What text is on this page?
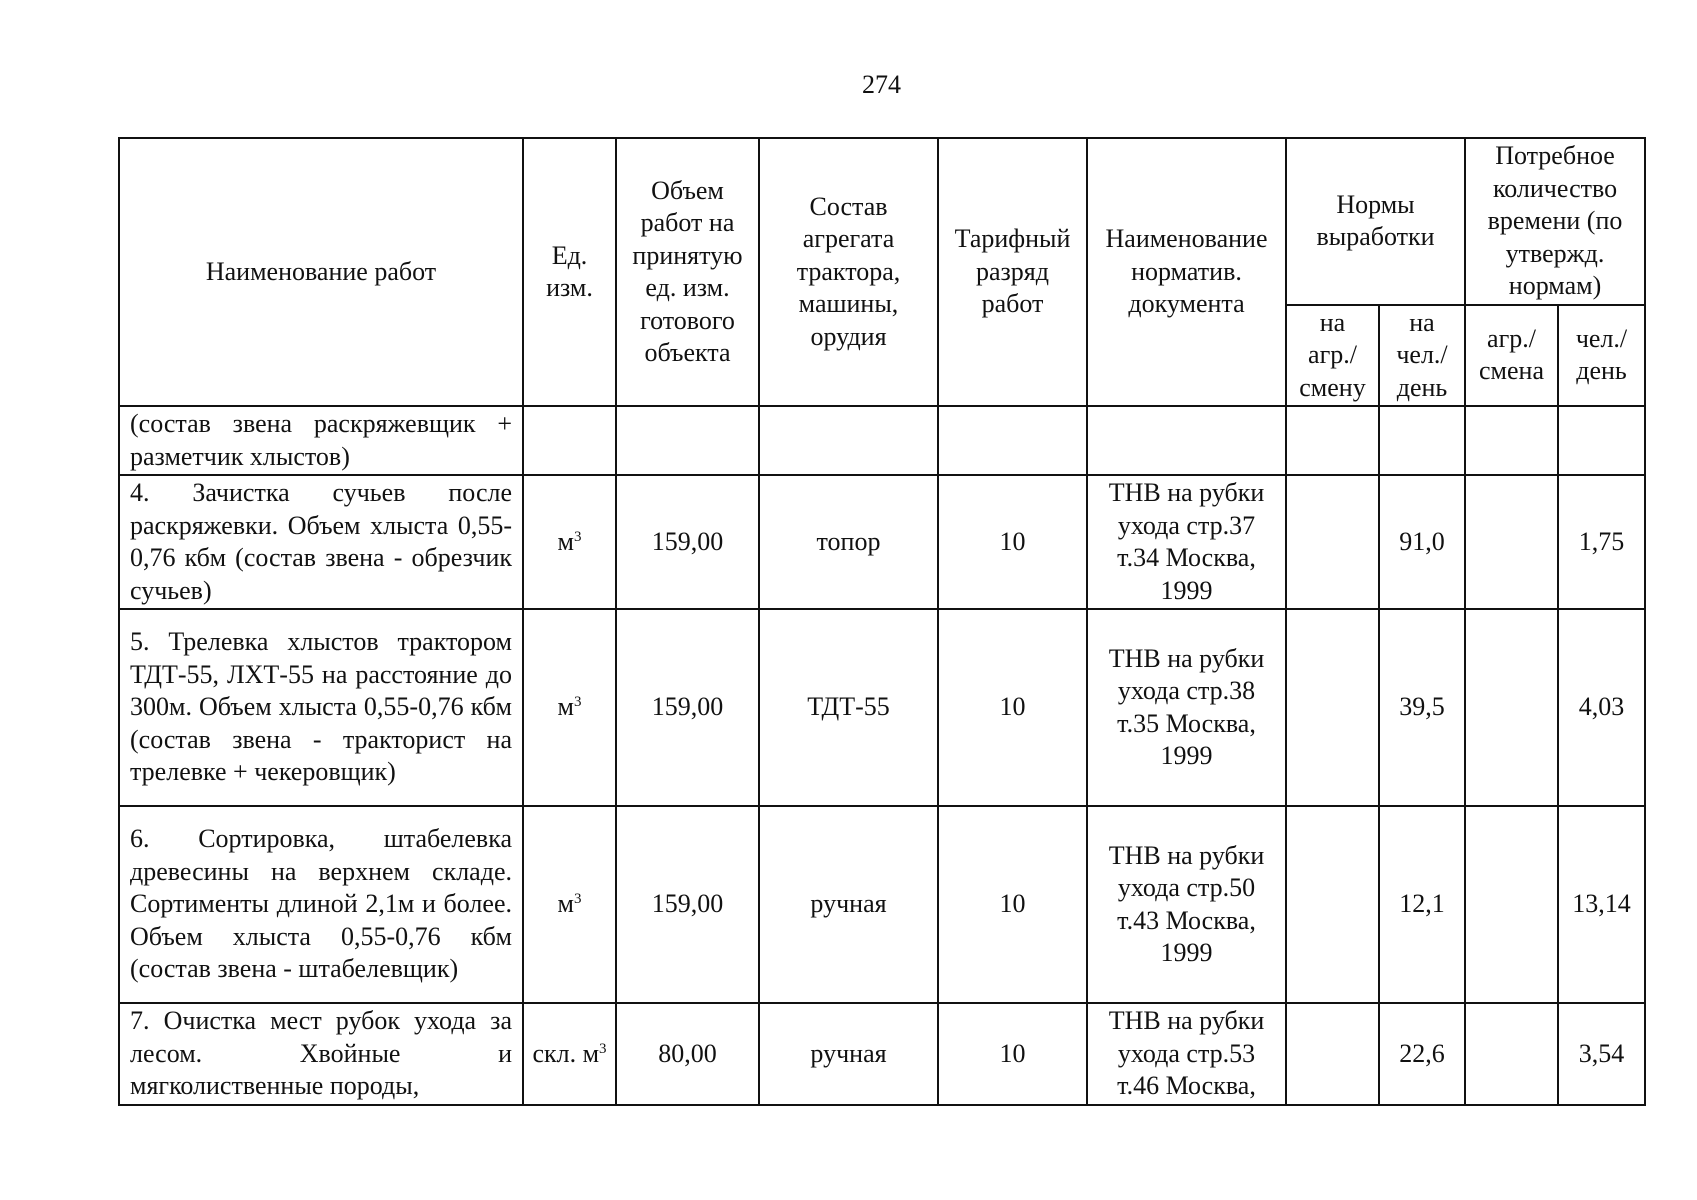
274
Наименование работ	Ед. изм.	Объем работ на принятую ед. изм. готового объекта	Состав агрегата трактора, машины, орудия	Тарифный разряд работ	Наименование норматив. документа	Нормы выработки		Потребное количество времени (по утвержд. нормам)	
						на агр./ смену	на чел./ день	агр./ смена	чел./ день
(состав звена раскряжевщик + разметчик хлыстов)									
4. Зачистка сучьев после раскряжевки. Объем хлыста 0,55-0,76 кбм (состав звена - обрезчик сучьев)	$м^3$	159,00	топор	10	ТНВ на рубки ухода стр.37 т.34 Москва, 1999		91,0		1,75
5. Трелевка хлыстов трактором ТДТ-55, ЛХТ-55 на расстояние до 300м. Объем хлыста 0,55-0,76 кбм (состав звена - тракторист на трелевке + чекеровщик)	$м^3$	159,00	ТДТ-55	10	ТНВ на рубки ухода стр.38 т.35 Москва, 1999		39,5		4,03
6. Сортировка, штабелевка древесины на верхнем складе. Сортименты длиной 2,1м и более. Объем хлыста 0,55-0,76 кбм (состав звена - штабелевщик)	$м^3$	159,00	ручная	10	ТНВ на рубки ухода стр.50 т.43 Москва, 1999		12,1		13,14
7. Очистка мест рубок ухода за лесом. Хвойные и мягколиственные породы,	скл. $м^3$	80,00	ручная	10	ТНВ на рубки ухода стр.53 т.46 Москва,		22,6		3,54
